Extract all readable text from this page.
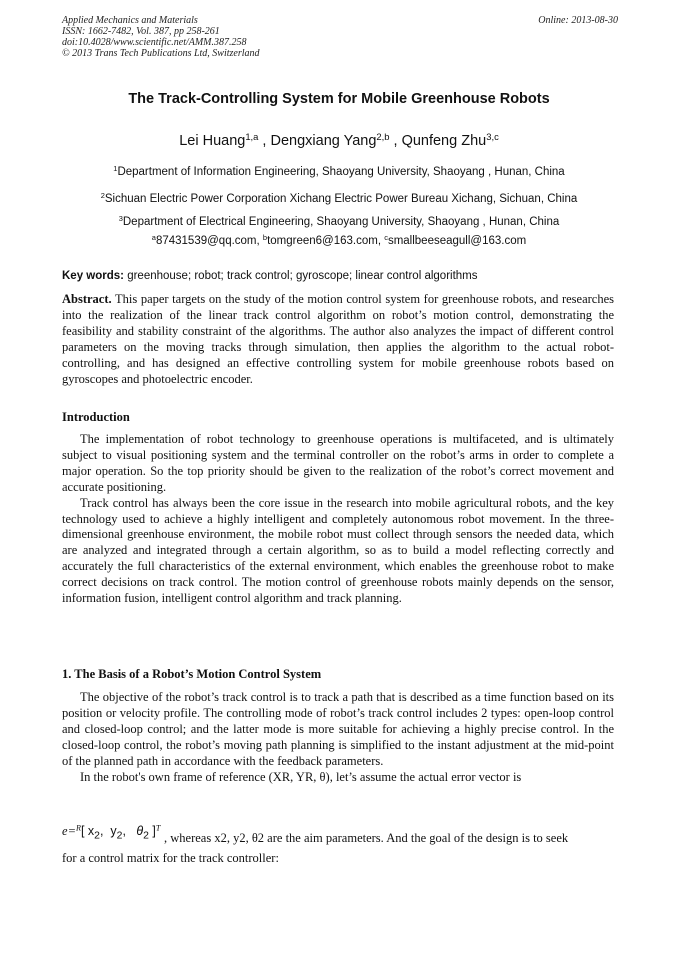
Applied Mechanics and Materials
ISSN: 1662-7482, Vol. 387, pp 258-261
doi:10.4028/www.scientific.net/AMM.387.258
© 2013 Trans Tech Publications Ltd, Switzerland
Online: 2013-08-30
The Track-Controlling System for Mobile Greenhouse Robots
Lei Huang$^{1,a}$ , Dengxiang Yang$^{2,b}$ , Qunfeng Zhu$^{3,c}$
$^1$Department of Information Engineering, Shaoyang University, Shaoyang , Hunan, China
$^2$Sichuan Electric Power Corporation Xichang Electric Power Bureau Xichang, Sichuan, China
$^3$Department of Electrical Engineering, Shaoyang University, Shaoyang , Hunan, China
$^a$87431539@qq.com, $^b$tomgreen6@163.com, $^c$smallbeeseagull@163.com
Key words: greenhouse; robot; track control; gyroscope; linear control algorithms

Abstract. This paper targets on the study of the motion control system for greenhouse robots, and researches into the realization of the linear track control algorithm on robot’s motion control, demonstrating the feasibility and stability constraint of the algorithms. The author also analyzes the impact of different control parameters on the moving tracks through simulation, then applies the algorithm to the actual robot-controlling, and has designed an effective controlling system for mobile greenhouse robots based on gyroscopes and photoelectric encoder.

Introduction

The implementation of robot technology to greenhouse operations is multifaceted, and is ultimately subject to visual positioning system and the terminal controller on the robot’s arms in order to complete a major operation. So the top priority should be given to the realization of the robot’s correct movement and accurate positioning.

Track control has always been the core issue in the research into mobile agricultural robots, and the key technology used to achieve a highly intelligent and completely autonomous robot movement. In the three-dimensional greenhouse environment, the mobile robot must collect through sensors the needed data, which are analyzed and integrated through a certain algorithm, so as to build a model reflecting correctly and accurately the full characteristics of the external environment, which enables the greenhouse robot to make correct decisions on track control. The motion control of greenhouse robots mainly depends on the sensor, information fusion, intelligent control algorithm and track planning.

1. The Basis of a Robot’s Motion Control System

The objective of the robot’s track control is to track a path that is described as a time function based on its position or velocity profile. The controlling mode of robot’s track control includes 2 types: open-loop control and closed-loop control; and the latter mode is more suitable for achieving a highly precise control. In the closed-loop control, the robot’s moving path planning is simplified to the instant adjustment at the mid-point of the planned path in accordance with the feedback parameters.

In the robot's own frame of reference (XR, YR, θ), let’s assume the actual error vector is

e=$^R$[ $x_2$,  $y_2$,   $\theta_2$ ]$^T$
, whereas x2, y2, θ2 are the aim parameters. And the goal of the design is to seek
for a control matrix for the track controller:
